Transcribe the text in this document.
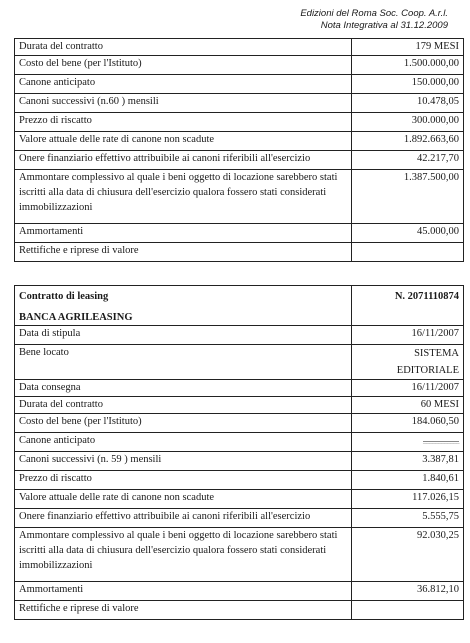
Edizioni del Roma Soc. Coop. A.r.l.
Nota Integrativa al 31.12.2009
Durata del contratto	179 MESI
Costo del bene (per l'Istituto)	1.500.000,00
Canone anticipato	150.000,00
Canoni successivi (n.60 ) mensili	10.478,05
Prezzo di riscatto	300.000,00
Valore attuale delle rate di canone non scadute	1.892.663,60
Onere finanziario effettivo attribuibile ai canoni riferibili all'esercizio	42.217,70
Ammontare complessivo al quale i beni oggetto di locazione sarebbero stati iscritti alla data di chiusura dell'esercizio qualora fossero stati considerati immobilizzazioni	1.387.500,00
Ammortamenti	45.000,00
Rettifiche e riprese di valore	
Contratto di leasing
BANCA AGRILEASING	N. 2071110874
Data di stipula	16/11/2007
Bene locato	SISTEMA EDITORIALE
Data consegna	16/11/2007
Durata del contratto	60 MESI
Costo del bene (per l'Istituto)	184.060,50
Canone anticipato	____________
Canoni successivi (n. 59 ) mensili	3.387,81
Prezzo di riscatto	1.840,61
Valore attuale delle rate di canone non scadute	117.026,15
Onere finanziario effettivo attribuibile ai canoni riferibili all'esercizio	5.555,75
Ammontare complessivo al quale i beni oggetto di locazione sarebbero stati iscritti alla data di chiusura dell'esercizio qualora fossero stati considerati immobilizzazioni	92.030,25
Ammortamenti	36.812,10
Rettifiche e riprese di valore	
